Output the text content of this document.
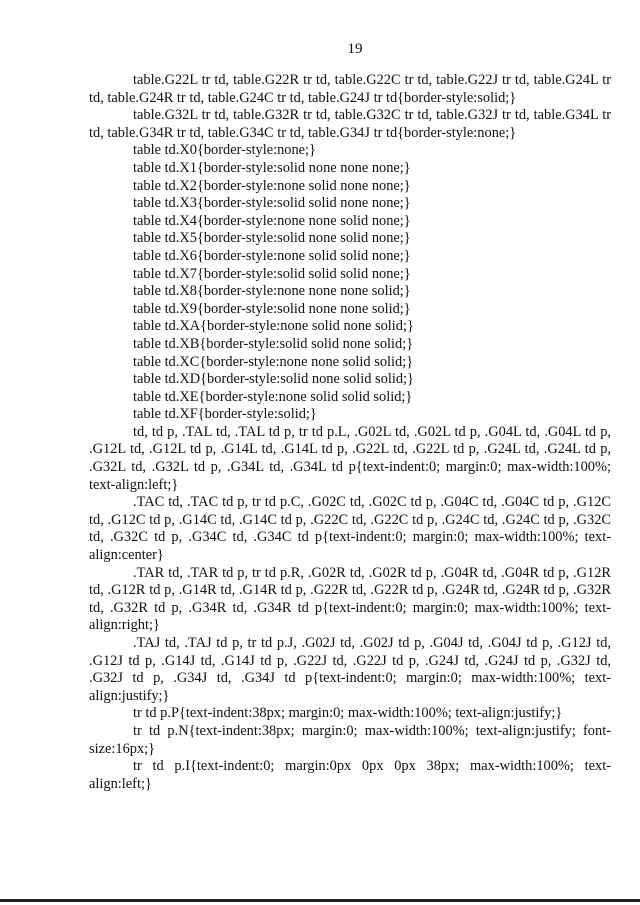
19

table.G22L tr td, table.G22R tr td, table.G22C tr td, table.G22J tr td, table.G24L tr td, table.G24R tr td, table.G24C tr td, table.G24J tr td{border-style:solid;}

table.G32L tr td, table.G32R tr td, table.G32C tr td, table.G32J tr td, table.G34L tr td, table.G34R tr td, table.G34C tr td, table.G34J tr td{border-style:none;}

table td.X0{border-style:none;}

table td.X1{border-style:solid none none none;}

table td.X2{border-style:none solid none none;}

table td.X3{border-style:solid solid none none;}

table td.X4{border-style:none none solid none;}

table td.X5{border-style:solid none solid none;}

table td.X6{border-style:none solid solid none;}

table td.X7{border-style:solid solid solid none;}

table td.X8{border-style:none none none solid;}

table td.X9{border-style:solid none none solid;}

table td.XA{border-style:none solid none solid;}

table td.XB{border-style:solid solid none solid;}

table td.XC{border-style:none none solid solid;}

table td.XD{border-style:solid none solid solid;}

table td.XE{border-style:none solid solid solid;}

table td.XF{border-style:solid;}

td, td p, .TAL td, .TAL td p, tr td p.L, .G02L td, .G02L td p, .G04L td, .G04L td p, .G12L td, .G12L td p, .G14L td, .G14L td p, .G22L td, .G22L td p, .G24L td, .G24L td p, .G32L td, .G32L td p, .G34L td, .G34L td p{text-indent:0; margin:0; max-width:100%; text-align:left;}

.TAC td, .TAC td p, tr td p.C, .G02C td, .G02C td p, .G04C td, .G04C td p, .G12C td, .G12C td p, .G14C td, .G14C td p, .G22C td, .G22C td p, .G24C td, .G24C td p, .G32C td, .G32C td p, .G34C td, .G34C td p{text-indent:0; margin:0; max-width:100%; text-align:center}

.TAR td, .TAR td p, tr td p.R, .G02R td, .G02R td p, .G04R td, .G04R td p, .G12R td, .G12R td p, .G14R td, .G14R td p, .G22R td, .G22R td p, .G24R td, .G24R td p, .G32R td, .G32R td p, .G34R td, .G34R td p{text-indent:0; margin:0; max-width:100%; text-align:right;}

.TAJ td, .TAJ td p, tr td p.J, .G02J td, .G02J td p, .G04J td, .G04J td p, .G12J td, .G12J td p, .G14J td, .G14J td p, .G22J td, .G22J td p, .G24J td, .G24J td p, .G32J td, .G32J td p, .G34J td, .G34J td p{text-indent:0; margin:0; max-width:100%; text-align:justify;}

tr td p.P{text-indent:38px; margin:0; max-width:100%; text-align:justify;}

tr td p.N{text-indent:38px; margin:0; max-width:100%; text-align:justify; font-size:16px;}

tr td p.I{text-indent:0; margin:0px 0px 0px 38px; max-width:100%; text-align:left;}
